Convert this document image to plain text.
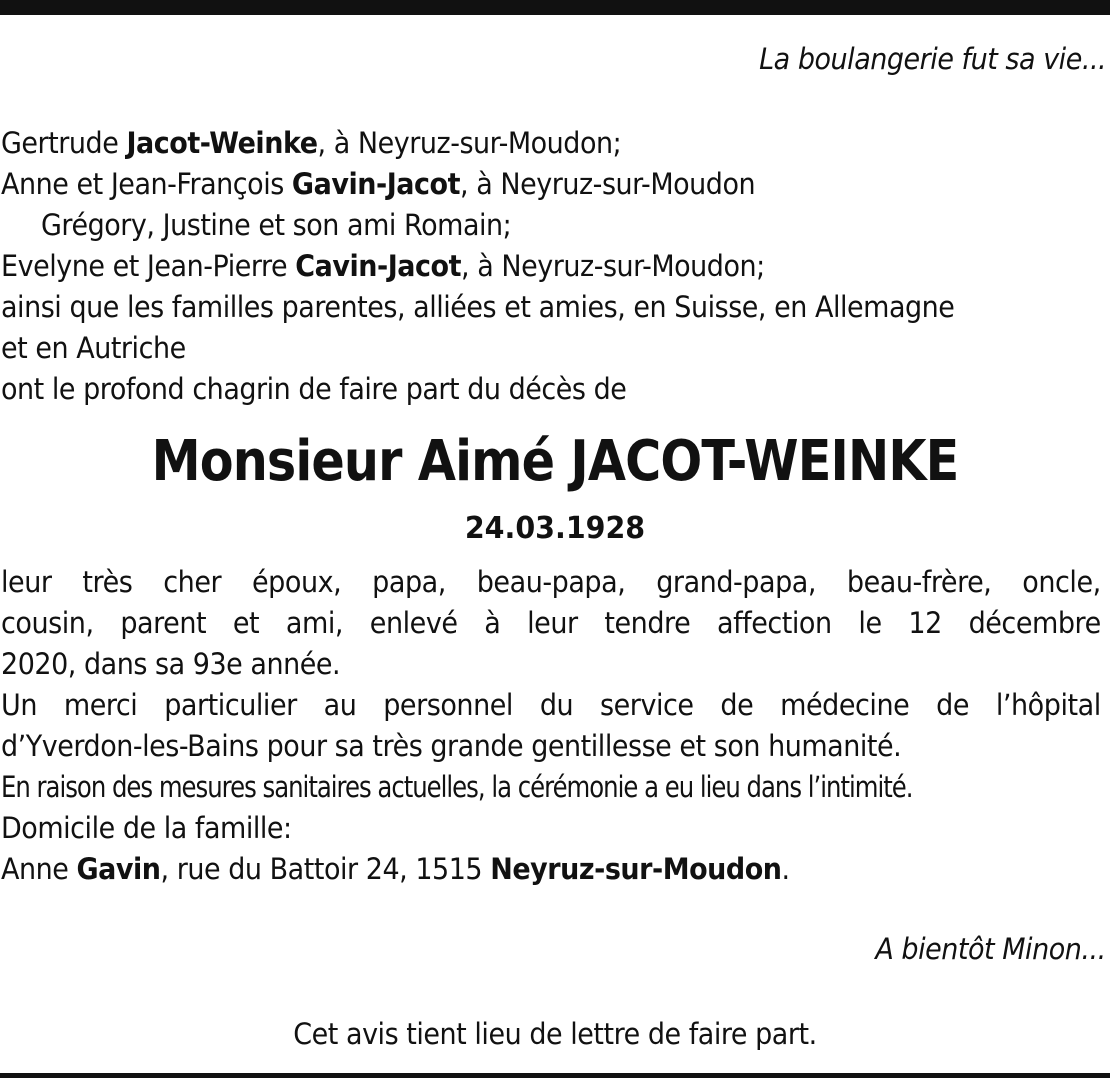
La boulangerie fut sa vie...

Gertrude Jacot-Weinke, à Neyruz-sur-Moudon;

Anne et Jean-François Gavin-Jacot, à Neyruz-sur-Moudon

Grégory, Justine et son ami Romain;

Evelyne et Jean-Pierre Cavin-Jacot, à Neyruz-sur-Moudon;

ainsi que les familles parentes, alliées et amies, en Suisse, en Allemagne

et en Autriche

ont le profond chagrin de faire part du décès de

Monsieur Aimé JACOT-WEINKE

24.03.1928

leur très cher époux, papa, beau-papa, grand-papa, beau-frère, oncle,

cousin, parent et ami, enlevé à leur tendre affection le 12 décembre

2020, dans sa 93e année.

Un merci particulier au personnel du service de médecine de l’hôpital

d’Yverdon-les-Bains pour sa très grande gentillesse et son humanité.

En raison des mesures sanitaires actuelles, la cérémonie a eu lieu dans l’intimité.

Domicile de la famille:

Anne Gavin, rue du Battoir 24, 1515 Neyruz-sur-Moudon.

A bientôt Minon...

Cet avis tient lieu de lettre de faire part.
